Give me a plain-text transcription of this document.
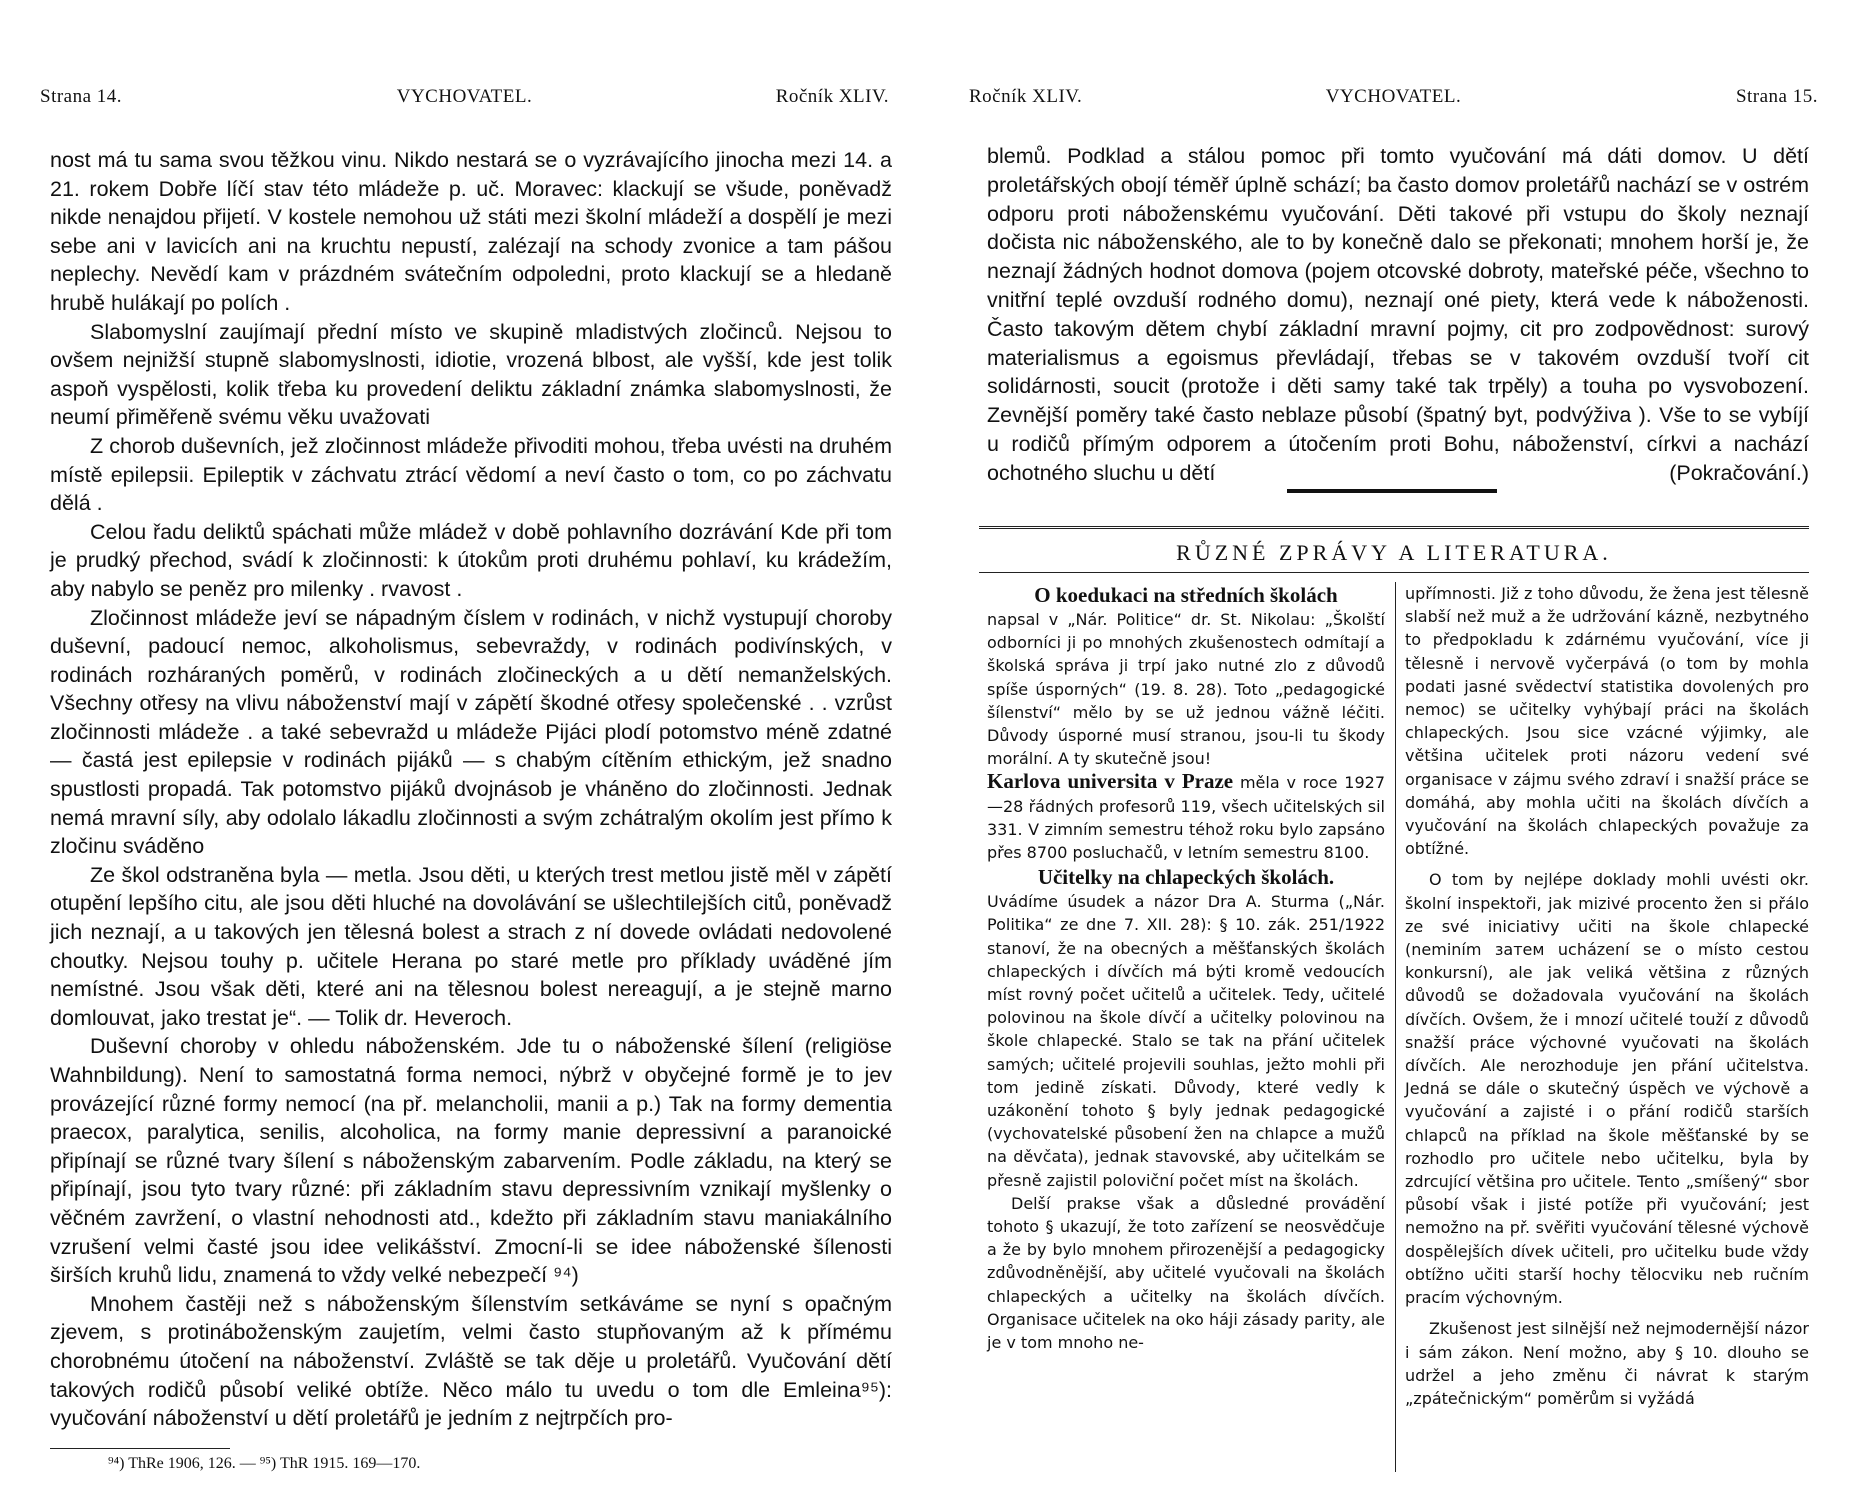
Strana 14.	VYCHOVATEL.	Ročník XLIV.

nost má tu sama svou těžkou vinu. Nikdo nestará se o vyzrávajícího jinocha mezi 14. a 21. rokem Dobře líčí stav této mládeže p. uč. Moravec: klackují se všude, poněvadž nikde nenajdou přijetí. V kostele nemohou už státi mezi školní mládeží a dospělí je mezi sebe ani v lavicích ani na kruchtu nepustí, zalézají na schody zvonice a tam pášou neplechy. Nevědí kam v prázdném svátečním odpoledni, proto klackují se a hledaně hrubě hulákají po polích .

Slabomyslní zaujímají přední místo ve skupině mladistvých zločinců. Nejsou to ovšem nejnižší stupně slabomyslnosti, idiotie, vrozená blbost, ale vyšší, kde jest tolik aspoň vyspělosti, kolik třeba ku provedení deliktu základní známka slabomyslnosti, že neumí přiměřeně svému věku uvažovati

Z chorob duševních, jež zločinnost mládeže přivoditi mohou, třeba uvésti na druhém místě epilepsii. Epileptik v záchvatu ztrácí vědomí a neví často o tom, co po záchvatu dělá .

Celou řadu deliktů spáchati může mládež v době pohlavního dozrávání Kde při tom je prudký přechod, svádí k zločinnosti: k útokům proti druhému pohlaví, ku krádežím, aby nabylo se peněz pro milenky . rvavost .

Zločinnost mládeže jeví se nápadným číslem v rodinách, v nichž vystupují choroby duševní, padoucí nemoc, alkoholismus, sebevraždy, v rodinách podivínských, v rodinách rozháraných poměrů, v rodinách zločineckých a u dětí nemanželských. Všechny otřesy na vlivu náboženství mají v zápětí škodné otřesy společenské . . vzrůst zločinnosti mládeže . a také sebevražd u mládeže Pijáci plodí potomstvo méně zdatné — častá jest epilepsie v rodinách pijáků — s chabým cítěním ethickým, jež snadno spustlosti propadá. Tak potomstvo pijáků dvojnásob je vháněno do zločinnosti. Jednak nemá mravní síly, aby odolalo lákadlu zločinnosti a svým zchátralým okolím jest přímo k zločinu sváděno

Ze škol odstraněna byla — metla. Jsou děti, u kterých trest metlou jistě měl v zápětí otupění lepšího citu, ale jsou děti hluché na dovolávání se ušlechtilejších citů, poněvadž jich neznají, a u takových jen tělesná bolest a strach z ní dovede ovládati nedovolené choutky. Nejsou touhy p. učitele Herana po staré metle pro příklady uváděné jím nemístné. Jsou však děti, které ani na tělesnou bolest nereagují, a je stejně marno domlouvat, jako trestat je“. — Tolik dr. Heveroch.

Duševní choroby v ohledu náboženském. Jde tu o náboženské šílení (religiöse Wahnbildung). Není to samostatná forma nemoci, nýbrž v obyčejné formě je to jev provázející různé formy nemocí (na př. melancholii, manii a p.) Tak na formy dementia praecox, paralytica, senilis, alcoholica, na formy manie depressivní a paranoické připínají se různé tvary šílení s náboženským zabarvením. Podle základu, na který se připínají, jsou tyto tvary různé: při základním stavu depressivním vznikají myšlenky o věčném zavržení, o vlastní nehodnosti atd., kdežto při základním stavu maniakálního vzrušení velmi časté jsou idee velikášství. Zmocní-li se idee náboženské šílenosti širších kruhů lidu, znamená to vždy velké nebezpečí ⁹⁴)

Mnohem častěji než s náboženským šílenstvím setkáváme se nyní s opačným zjevem, s protináboženským zaujetím, velmi často stupňovaným až k přímému chorobnému útočení na náboženství. Zvláště se tak děje u proletářů. Vyučování dětí takových rodičů působí veliké obtíže. Něco málo tu uvedu o tom dle Emleina⁹⁵): vyučování náboženství u dětí proletářů je jedním z nejtrpčích pro-

⁹⁴) ThRe 1906, 126. — ⁹⁵) ThR 1915. 169—170.
Ročník XLIV.	VYCHOVATEL.	Strana 15.

blemů. Podklad a stálou pomoc při tomto vyučování má dáti domov. U dětí proletářských obojí téměř úplně schází; ba často domov proletářů nachází se v ostrém odporu proti náboženskému vyučování. Děti takové při vstupu do školy neznají dočista nic náboženského, ale to by konečně dalo se překonati; mnohem horší je, že neznají žádných hodnot domova (pojem otcovské dobroty, mateřské péče, všechno to vnitřní teplé ovzduší rodného domu), neznají oné piety, která vede k náboženosti. Často takovým dětem chybí základní mravní pojmy, cit pro zodpovědnost: surový materialismus a egoismus převládají, třebas se v takovém ovzduší tvoří cit solidárnosti, soucit (protože i děti samy také tak trpěly) a touha po vysvobození. Zevnější poměry také často neblaze působí (špatný byt, podvýživa ). Vše to se vybíjí u rodičů přímým odporem a útočením proti Bohu, náboženství, církvi a nachází ochotného sluchu u dětí	(Pokračování.)

RŮZNÉ ZPRÁVY A LITERATURA.
O koedukaci na středních školách

napsal v „Nár. Politice“ dr. St. Nikolau: „Školští odborníci ji po mnohých zkušenostech odmítají a školská správa ji trpí jako nutné zlo z důvodů spíše úsporných“ (19. 8. 28). Toto „pedagogické šílenství“ mělo by se už jednou vážně léčiti. Důvody úsporné musí stranou, jsou-li tu škody morální. A ty skutečně jsou!

Karlova universita v Praze měla v roce 1927—28 řádných profesorů 119, všech učitelských sil 331. V zimním semestru téhož roku bylo zapsáno přes 8700 posluchačů, v letním semestru 8100.

Učitelky na chlapeckých školách.

Uvádíme úsudek a názor Dra A. Sturma („Nár. Politika“ ze dne 7. XII. 28): § 10. zák. 251/1922 stanoví, že na obecných a měšťanských školách chlapeckých i dívčích má býti kromě vedoucích míst rovný počet učitelů a učitelek. Tedy, učitelé polovinou na škole dívčí a učitelky polovinou na škole chlapecké. Stalo se tak na přání učitelek samých; učitelé projevili souhlas, ježto mohli při tom jedině získati. Důvody, které vedly k uzákonění tohoto § byly jednak pedagogické (vychovatelské působení žen na chlapce a mužů na děvčata), jednak stavovské, aby učitelkám se přesně zajistil poloviční počet míst na školách.

Delší prakse však a důsledné provádění tohoto § ukazují, že toto zařízení se neosvědčuje a že by bylo mnohem přirozenější a pedagogicky zdůvodněnější, aby učitelé vyučovali na školách chlapeckých a učitelky na školách dívčích. Organisace učitelek na oko háji zásady parity, ale je v tom mnoho ne-

upřímnosti. Již z toho důvodu, že žena jest tělesně slabší než muž a že udržování kázně, nezbytného to předpokladu k zdárnému vyučování, více ji tělesně i nervově vyčerpává (o tom by mohla podati jasné svědectví statistika dovolených pro nemoc) se učitelky vyhýbají práci na školách chlapeckých. Jsou sice vzácné výjimky, ale většina učitelek proti názoru vedení své organisace v zájmu svého zdraví i snažší práce se domáhá, aby mohla učiti na školách dívčích a vyučování na školách chlapeckých považuje za obtížné.

O tom by nejlépe doklady mohli uvésti okr. školní inspektoři, jak mizivé procento žen si přálo ze své iniciativy učiti na škole chlapecké (neminím затем ucházení se o místo cestou konkursní), ale jak veliká většina z různých důvodů se dožadovala vyučování na školách dívčích. Ovšem, že i mnozí učitelé touží z důvodů snažší práce výchovné vyučovati na školách dívčích. Ale nerozhoduje jen přání učitelstva. Jedná se dále o skutečný úspěch ve výchově a vyučování a zajisté i o přání rodičů starších chlapců na příklad na škole měšťanské by se rozhodlo pro učitele nebo učitelku, byla by zdrcující většina pro učitele. Tento „smíšený“ sbor působí však i jisté potíže při vyučování; jest nemožno na př. svěřiti vyučování tělesné výchově dospělejších dívek učiteli, pro učitelku bude vždy obtížno učiti starší hochy tělocviku neb ručním pracím výchovným.

Zkušenost jest silnější než nejmodernější názor i sám zákon. Není možno, aby § 10. dlouho se udržel a jeho změnu či návrat k starým „zpátečnickým“ poměrům si vyžádá
